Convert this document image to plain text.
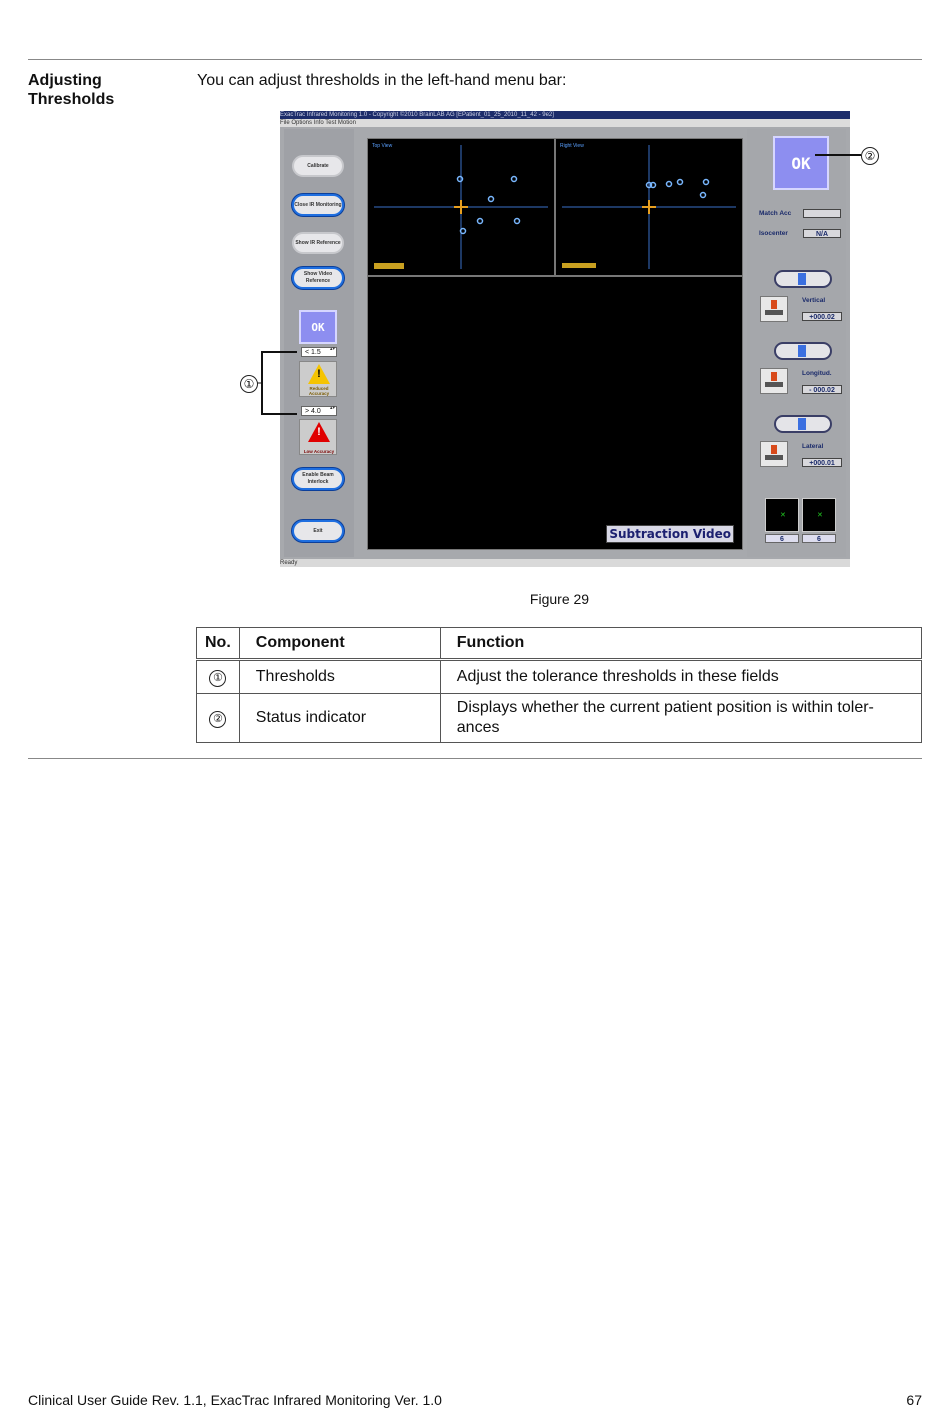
Adjusting Thresholds
You can adjust thresholds in the left-hand menu bar:
ExacTrac Infrared Monitoring 1.0 - Copyright ©2010 BrainLAB AG [EPatient_01_25_2010_11_42 - 9e2]
File Options Info Test Motion
Calibrate
Close IR Monitoring
Show IR Reference
Show Video Reference
OK
< 1.5 ▴▾
!
Reduced Accuracy
> 4.0 ▴▾
!
Low Accuracy
Enable Beam Interlock
Exit
Top View	Right View
Subtraction Video
OK
Match Acc
Isocenter	N/A
Vertical
+000.02
Longitud.
- 000.02
Lateral
+000.01
✕	✕
6	6
Ready
①
②
Figure 29
No.	Component	Function
①	Thresholds	Adjust the tolerance thresholds in these fields
②	Status indicator	Displays whether the current patient position is within toler-ances
Clinical User Guide Rev. 1.1, ExacTrac Infrared Monitoring Ver. 1.0	67
